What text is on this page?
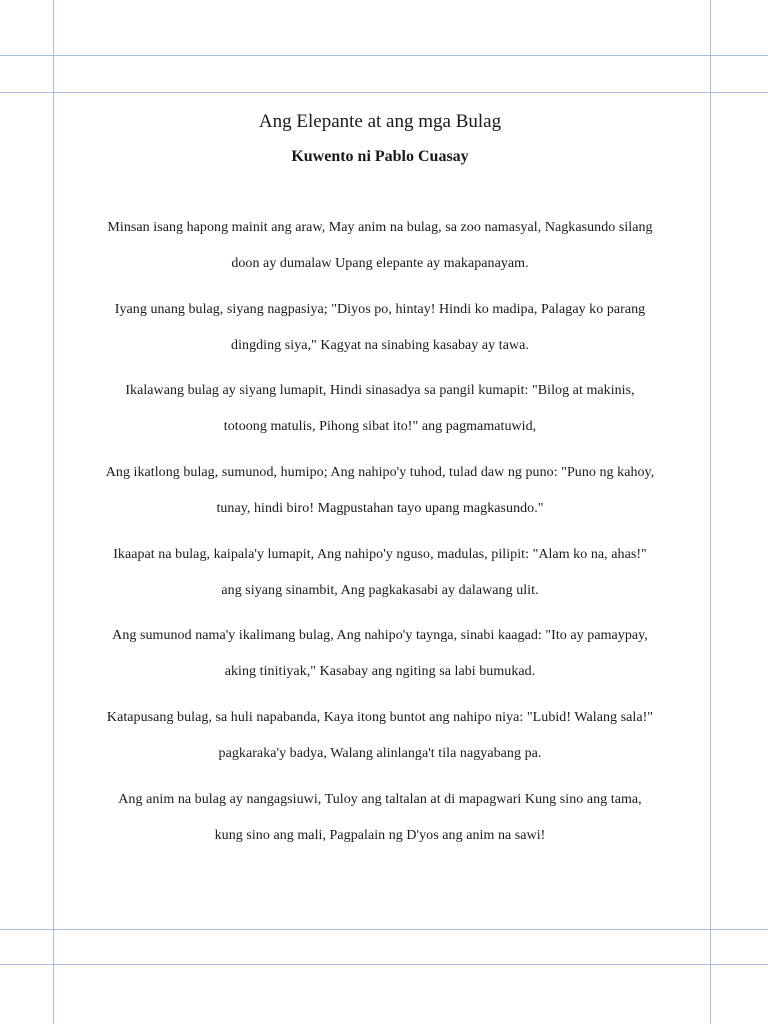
Ang Elepante at ang mga Bulag
Kuwento ni Pablo Cuasay

Minsan isang hapong mainit ang araw, May anim na bulag, sa zoo namasyal, Nagkasundo silang
doon ay dumalaw Upang elepante ay makapanayam.

Iyang unang bulag, siyang nagpasiya; "Diyos po, hintay! Hindi ko madipa, Palagay ko parang
dingding siya," Kagyat na sinabing kasabay ay tawa.

Ikalawang bulag ay siyang lumapit, Hindi sinasadya sa pangil kumapit: "Bilog at makinis,
totoong matulis, Pihong sibat ito!" ang pagmamatuwid,

Ang ikatlong bulag, sumunod, humipo; Ang nahipo'y tuhod, tulad daw ng puno: "Puno ng kahoy,
tunay, hindi biro! Magpustahan tayo upang magkasundo."

Ikaapat na bulag, kaipala'y lumapit, Ang nahipo'y nguso, madulas, pilipit: "Alam ko na, ahas!"
ang siyang sinambit, Ang pagkakasabi ay dalawang ulit.

Ang sumunod nama'y ikalimang bulag, Ang nahipo'y taynga, sinabi kaagad: "Ito ay pamaypay,
aking tinitiyak," Kasabay ang ngiting sa labi bumukad.

Katapusang bulag, sa huli napabanda, Kaya itong buntot ang nahipo niya: "Lubid! Walang sala!"
pagkaraka'y badya, Walang alinlanga't tila nagyabang pa.

Ang anim na bulag ay nangagsiuwi, Tuloy ang taltalan at di mapagwari Kung sino ang tama,
kung sino ang mali, Pagpalain ng D'yos ang anim na sawi!
